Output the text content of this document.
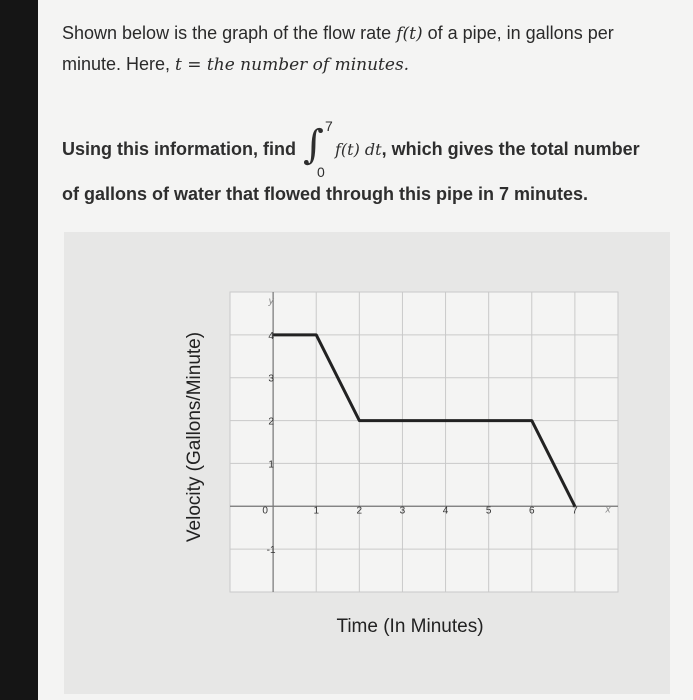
Shown below is the graph of the flow rate f(t) of a pipe, in gallons per
minute. Here, t = the number of minutes.
Using this information, find ∫ 7
0
f(t) dt, which gives the total number
of gallons of water that flowed through this pipe in 7 minutes.
0	1	2	3	4	5	6	7
-1
1
2
3
4
x
y
Time (In Minutes)
Velocity (Gallons/Minute)
